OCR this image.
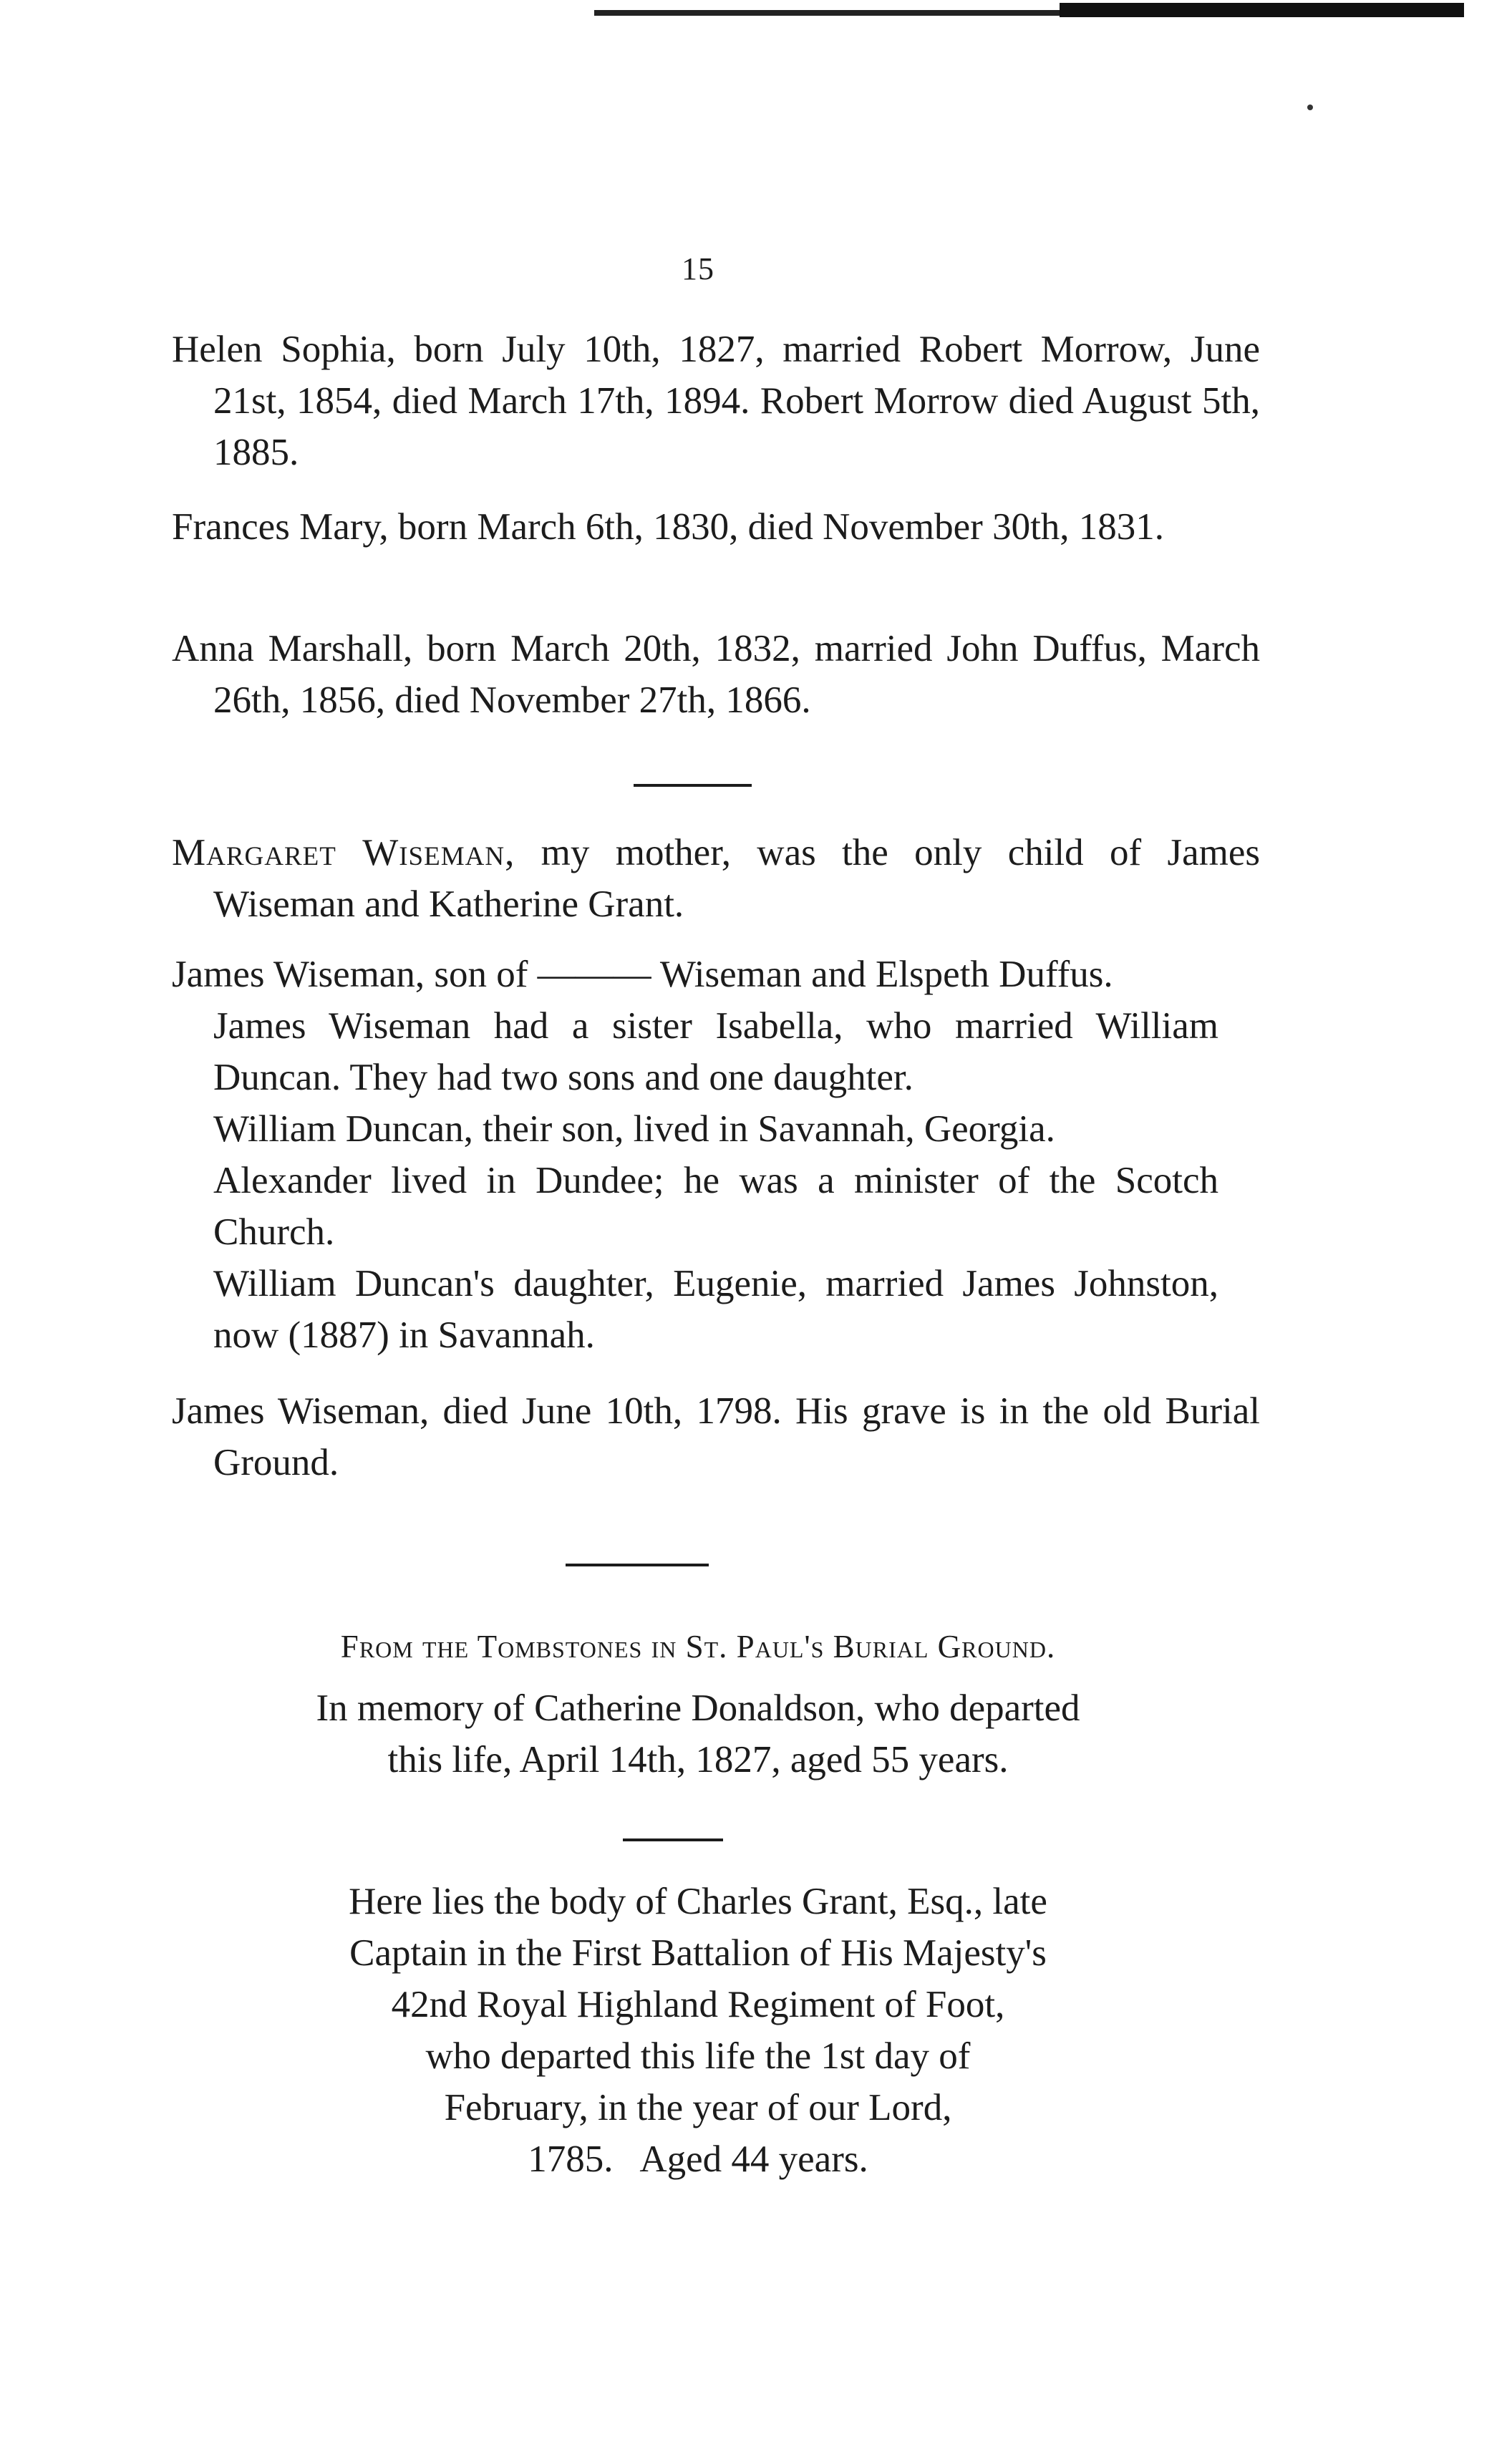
15
Helen Sophia, born July 10th, 1827, married Robert Morrow, June 21st, 1854, died March 17th, 1894. Robert Morrow died August 5th, 1885.
Frances Mary, born March 6th, 1830, died November 30th, 1831.
Anna Marshall, born March 20th, 1832, married John Duffus, March 26th, 1856, died November 27th, 1866.
Margaret Wiseman, my mother, was the only child of James Wiseman and Katherine Grant.
James Wiseman, son of ——— Wiseman and Elspeth Duffus.
James Wiseman had a sister Isabella, who married William Duncan. They had two sons and one daughter.
William Duncan, their son, lived in Savannah, Georgia.
Alexander lived in Dundee; he was a minister of the Scotch Church.
William Duncan's daughter, Eugenie, married James Johnston, now (1887) in Savannah.
James Wiseman, died June 10th, 1798. His grave is in the old Burial Ground.
From the Tombstones in St. Paul's Burial Ground.
In memory of Catherine Donaldson, who departed
this life, April 14th, 1827, aged 55 years.
Here lies the body of Charles Grant, Esq., late
Captain in the First Battalion of His Majesty's
42nd Royal Highland Regiment of Foot,
who departed this life the 1st day of
February, in the year of our Lord,
1785.   Aged 44 years.
